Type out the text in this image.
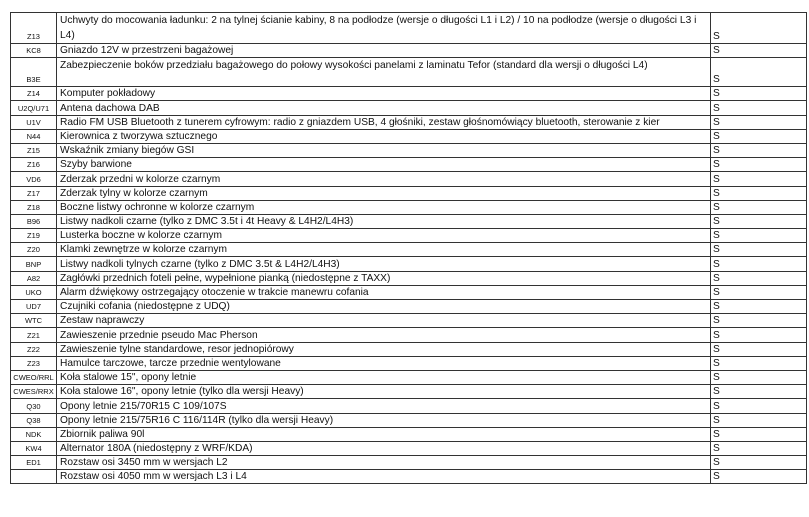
Z13	Uchwyty do mocowania ładunku: 2 na tylnej ścianie kabiny, 8 na podłodze (wersje o długości L1 i L2) / 10 na podłodze (wersje o długości L3 i L4)	S
KC8	Gniazdo 12V w przestrzeni bagażowej	S
B3E	Zabezpieczenie boków przedziału bagażowego do połowy wysokości panelami z laminatu Tefor (standard dla wersji o długości L4)	S
Z14	Komputer pokładowy	S
U2Q/U71	Antena dachowa DAB	S
U1V	Radio FM USB Bluetooth z tunerem cyfrowym: radio z gniazdem USB, 4 głośniki, zestaw głośnomówiący bluetooth, sterowanie z kier	S
N44	Kierownica z tworzywa sztucznego	S
Z15	Wskaźnik zmiany biegów GSI	S
Z16	Szyby barwione	S
VD6	Zderzak przedni w kolorze czarnym	S
Z17	Zderzak tylny w kolorze czarnym	S
Z18	Boczne listwy ochronne w kolorze czarnym	S
B96	Listwy nadkoli czarne (tylko z DMC 3.5t i 4t Heavy & L4H2/L4H3)	S
Z19	Lusterka boczne w kolorze czarnym	S
Z20	Klamki zewnętrze w kolorze czarnym	S
BNP	Listwy nadkoli tylnych czarne (tylko z DMC 3.5t & L4H2/L4H3)	S
A82	Zagłówki przednich foteli pełne, wypełnione pianką (niedostępne z TAXX)	S
UKO	Alarm dźwiękowy ostrzegający otoczenie w trakcie manewru cofania	S
UD7	Czujniki cofania (niedostępne z UDQ)	S
WTC	Zestaw naprawczy	S
Z21	Zawieszenie przednie pseudo Mac Pherson	S
Z22	Zawieszenie tylne standardowe, resor jednopiórowy	S
Z23	Hamulce tarczowe, tarcze przednie wentylowane	S
CWEO/RRL	Koła stalowe 15", opony letnie	S
CWES/RRX	Koła stalowe 16", opony letnie (tylko dla wersji Heavy)	S
Q30	Opony letnie 215/70R15 C 109/107S	S
Q38	Opony letnie 215/75R16 C 116/114R (tylko dla wersji Heavy)	S
NDK	Zbiornik paliwa 90l	S
KW4	Alternator 180A (niedostępny z WRF/KDA)	S
ED1	Rozstaw osi 3450 mm w wersjach L2	S
	Rozstaw osi 4050 mm w wersjach L3 i L4	S
